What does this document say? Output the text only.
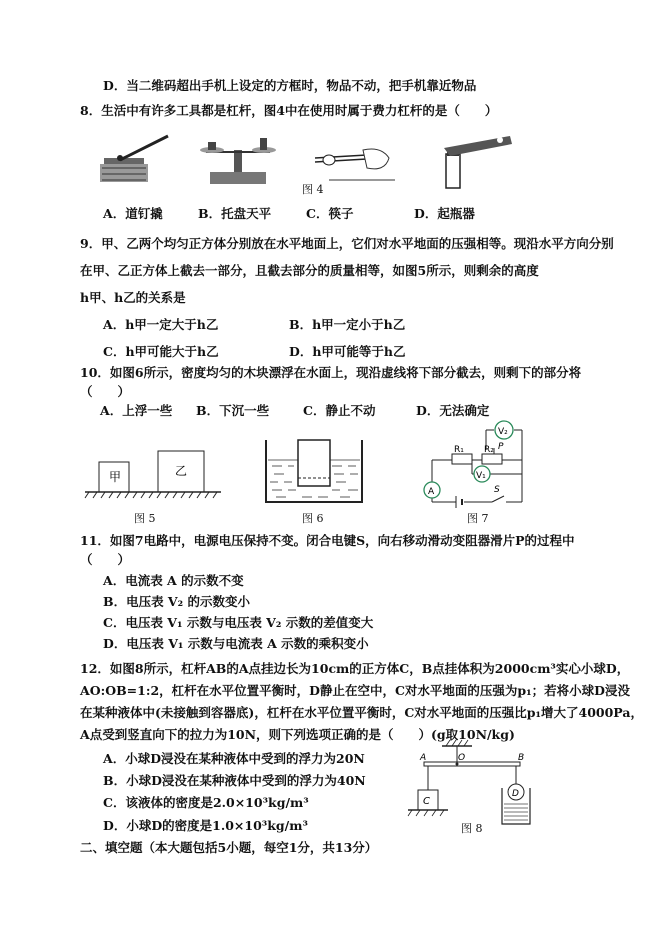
D．当二维码超出手机上设定的方框时，物品不动，把手机靠近物品
8．生活中有许多工具都是杠杆，图4中在使用时属于费力杠杆的是（　　）
图 4
A．道钉撬	B．托盘天平	C．筷子	D．起瓶器
9．甲、乙两个均匀正方体分别放在水平地面上，它们对水平地面的压强相等。现沿水平方向分别
在甲、乙正方体上截去一部分，且截去部分的质量相等，如图5所示，则剩余的高度
h甲、h乙的关系是
A．h甲一定大于h乙	B．h甲一定小于h乙
C．h甲可能大于h乙	D．h甲可能等于h乙
10．如图6所示，密度均匀的木块漂浮在水面上，现沿虚线将下部分截去，则剩下的部分将
（　　）
A．上浮一些 B．下沉一些	C．静止不动	D．无法确定
甲	乙
图 5	图 6
V₂
V₁
A
R₁ R₂ P
S
图 7
11．如图7电路中，电源电压保持不变。闭合电键S，向右移动滑动变阻器滑片P的过程中
（　　）
A．电流表 A 的示数不变
B．电压表 V₂ 的示数变小
C．电压表 V₁ 示数与电压表 V₂ 示数的差值变大
D．电压表 V₁ 示数与电流表 A 示数的乘积变小
12．如图8所示，杠杆AB的A点挂边长为10cm的正方体C，B点挂体积为2000cm³实心小球D，
AO:OB=1:2，杠杆在水平位置平衡时，D静止在空中，C对水平地面的压强为p₁；若将小球D浸没
在某种液体中(未接触到容器底)，杠杆在水平位置平衡时，C对水平地面的压强比p₁增大了4000Pa，
A点受到竖直向下的拉力为10N，则下列选项正确的是（　　）(g取10N/kg)
A．小球D浸没在某种液体中受到的浮力为20N
B．小球D浸没在某种液体中受到的浮力为40N
C．该液体的密度是2.0×10³kg/m³
D．小球D的密度是1.0×10³kg/m³
A	O	B
C
D
图 8
二、填空题（本大题包括5小题，每空1分，共13分）
